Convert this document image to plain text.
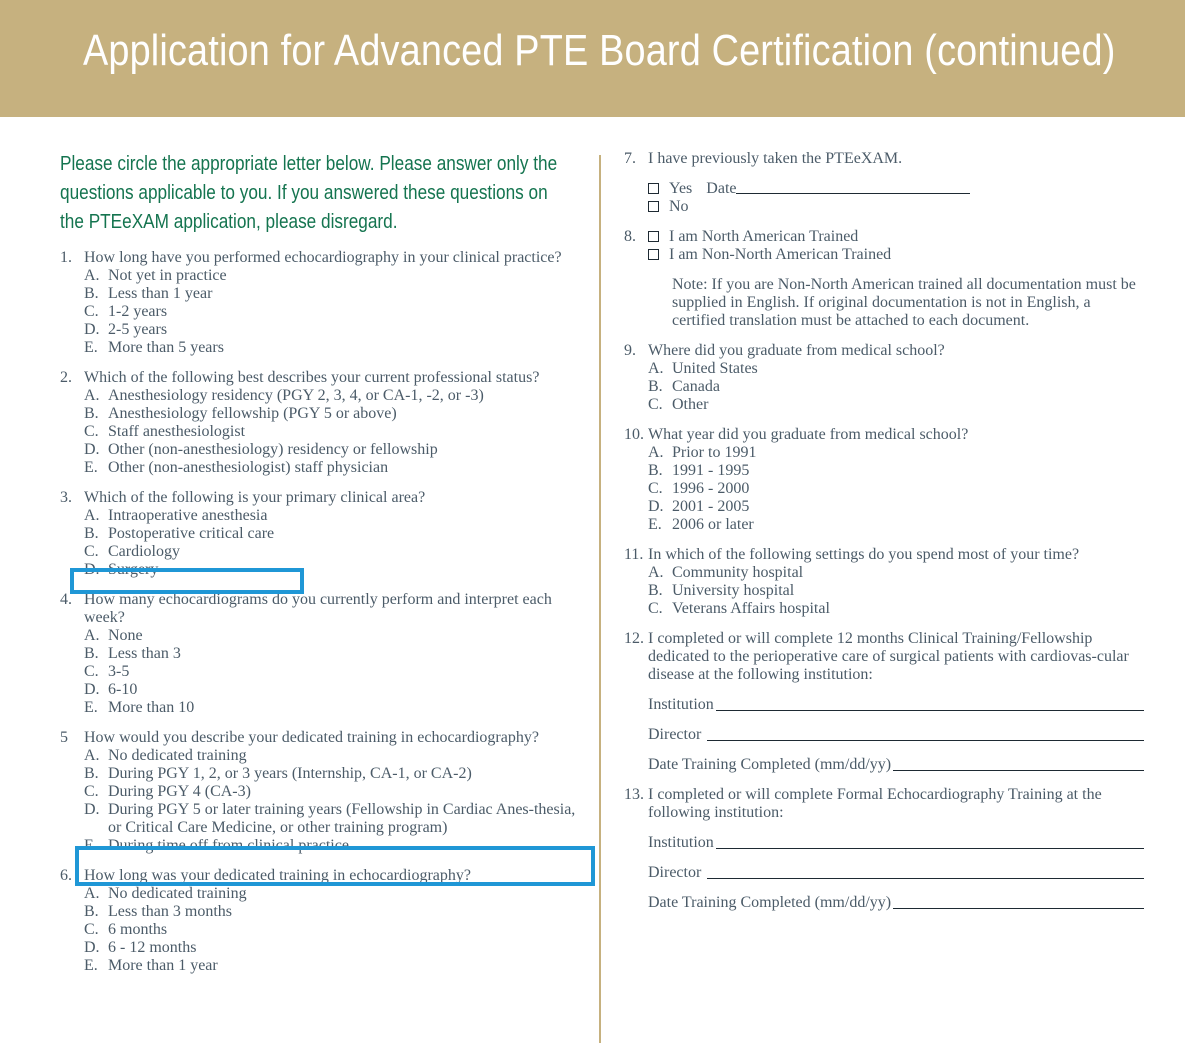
Application for Advanced PTE Board Certification (continued)
Please circle the appropriate letter below. Please answer only the questions applicable to you. If you answered these questions on the PTEeXAM application, please disregard.
1. How long have you performed echocardiography in your clinical practice?
A. Not yet in practice
B. Less than 1 year
C. 1-2 years
D. 2-5 years
E. More than 5 years
2. Which of the following best describes your current professional status?
A. Anesthesiology residency (PGY 2, 3, 4, or CA-1, -2, or -3)
B. Anesthesiology fellowship (PGY 5 or above)
C. Staff anesthesiologist
D. Other (non-anesthesiology) residency or fellowship
E. Other (non-anesthesiologist) staff physician
3. Which of the following is your primary clinical area?
A. Intraoperative anesthesia
B. Postoperative critical care
C. Cardiology
D. Surgery
4. How many echocardiograms do you currently perform and interpret each week?
A. None
B. Less than 3
C. 3-5
D. 6-10
E. More than 10
5	How would you describe your dedicated training in echocardiography?
A. No dedicated training
B. During PGY 1, 2, or 3 years (Internship, CA-1, or CA-2)
C. During PGY 4 (CA-3)
D. During PGY 5 or later training years (Fellowship in Cardiac Anes-thesia, or Critical Care Medicine, or other training program)
E. During time off from clinical practice
6. How long was your dedicated training in echocardiography?
A. No dedicated training
B. Less than 3 months
C. 6 months
D. 6 - 12 months
E. More than 1 year
7. I have previously taken the PTEeXAM.
Yes Date
No
8.	I am North American Trained
I am Non-North American Trained
Note: If you are Non-North American trained all documentation must be supplied in English. If original documentation is not in English, a certified translation must be attached to each document.
9. Where did you graduate from medical school?
A. United States
B. Canada
C. Other
10. What year did you graduate from medical school?
A. Prior to 1991
B. 1991 - 1995
C. 1996 - 2000
D. 2001 - 2005
E. 2006 or later
11. In which of the following settings do you spend most of your time?
A. Community hospital
B. University hospital
C. Veterans Affairs hospital
12. I completed or will complete 12 months Clinical Training/Fellowship dedicated to the perioperative care of surgical patients with cardiovas-cular disease at the following institution:
Institution
Director
Date Training Completed (mm/dd/yy)
13. I completed or will complete Formal Echocardiography Training at the following institution:
Institution
Director
Date Training Completed (mm/dd/yy)
